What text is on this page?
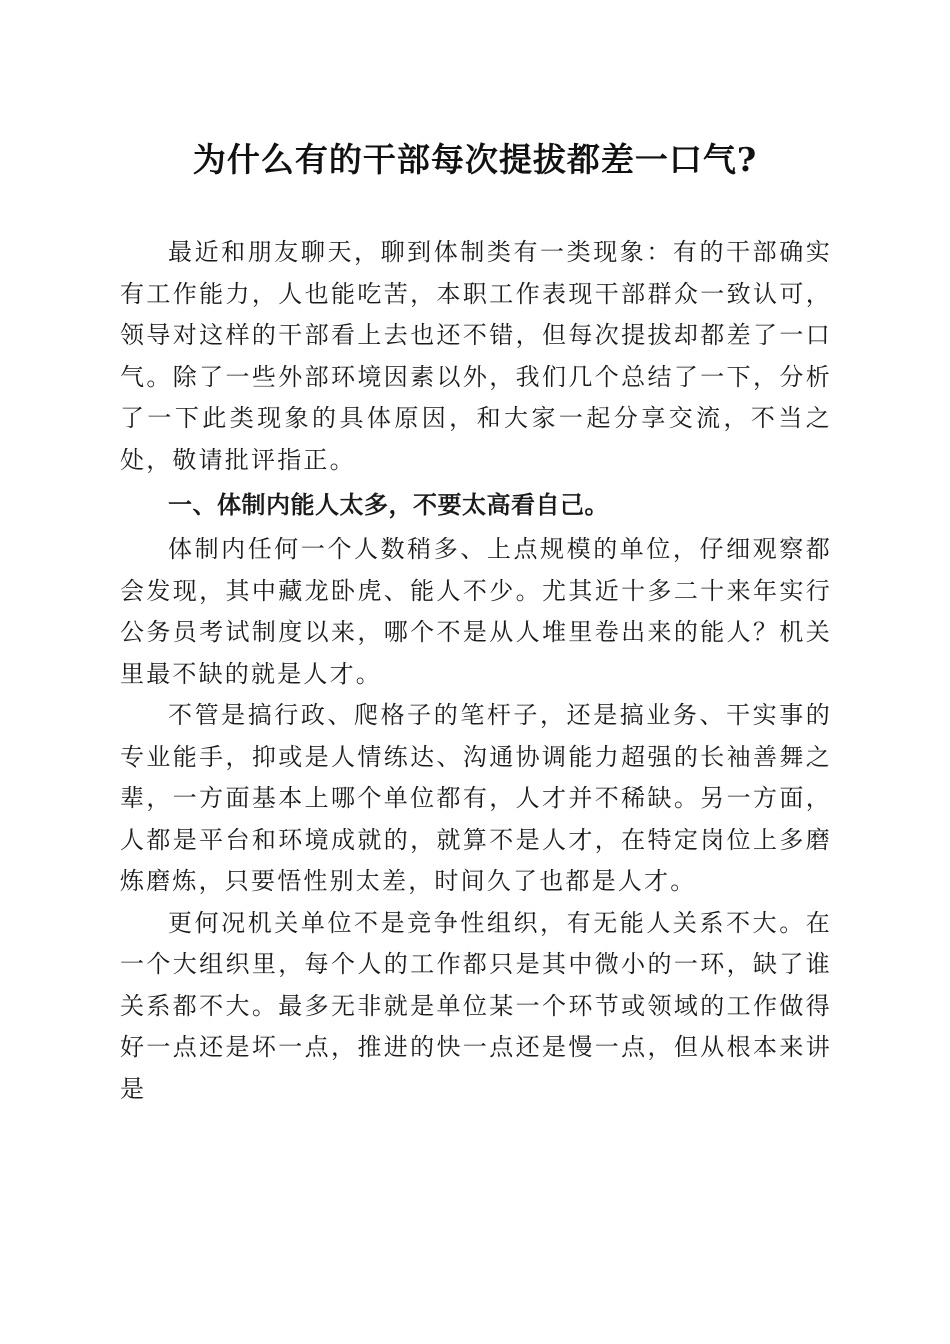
为什么有的干部每次提拔都差一口气?

最近和朋友聊天，聊到体制类有一类现象：有的干部确实有工作能力，人也能吃苦，本职工作表现干部群众一致认可，领导对这样的干部看上去也还不错，但每次提拔却都差了一口气。除了一些外部环境因素以外，我们几个总结了一下，分析了一下此类现象的具体原因，和大家一起分享交流，不当之处，敬请批评指正。

一、体制内能人太多，不要太高看自己。

体制内任何一个人数稍多、上点规模的单位，仔细观察都会发现，其中藏龙卧虎、能人不少。尤其近十多二十来年实行公务员考试制度以来，哪个不是从人堆里卷出来的能人？机关里最不缺的就是人才。

不管是搞行政、爬格子的笔杆子，还是搞业务、干实事的专业能手，抑或是人情练达、沟通协调能力超强的长袖善舞之辈，一方面基本上哪个单位都有，人才并不稀缺。另一方面，人都是平台和环境成就的，就算不是人才，在特定岗位上多磨炼磨炼，只要悟性别太差，时间久了也都是人才。

更何况机关单位不是竞争性组织，有无能人关系不大。在一个大组织里，每个人的工作都只是其中微小的一环，缺了谁关系都不大。最多无非就是单位某一个环节或领域的工作做得好一点还是坏一点，推进的快一点还是慢一点，但从根本来讲是
